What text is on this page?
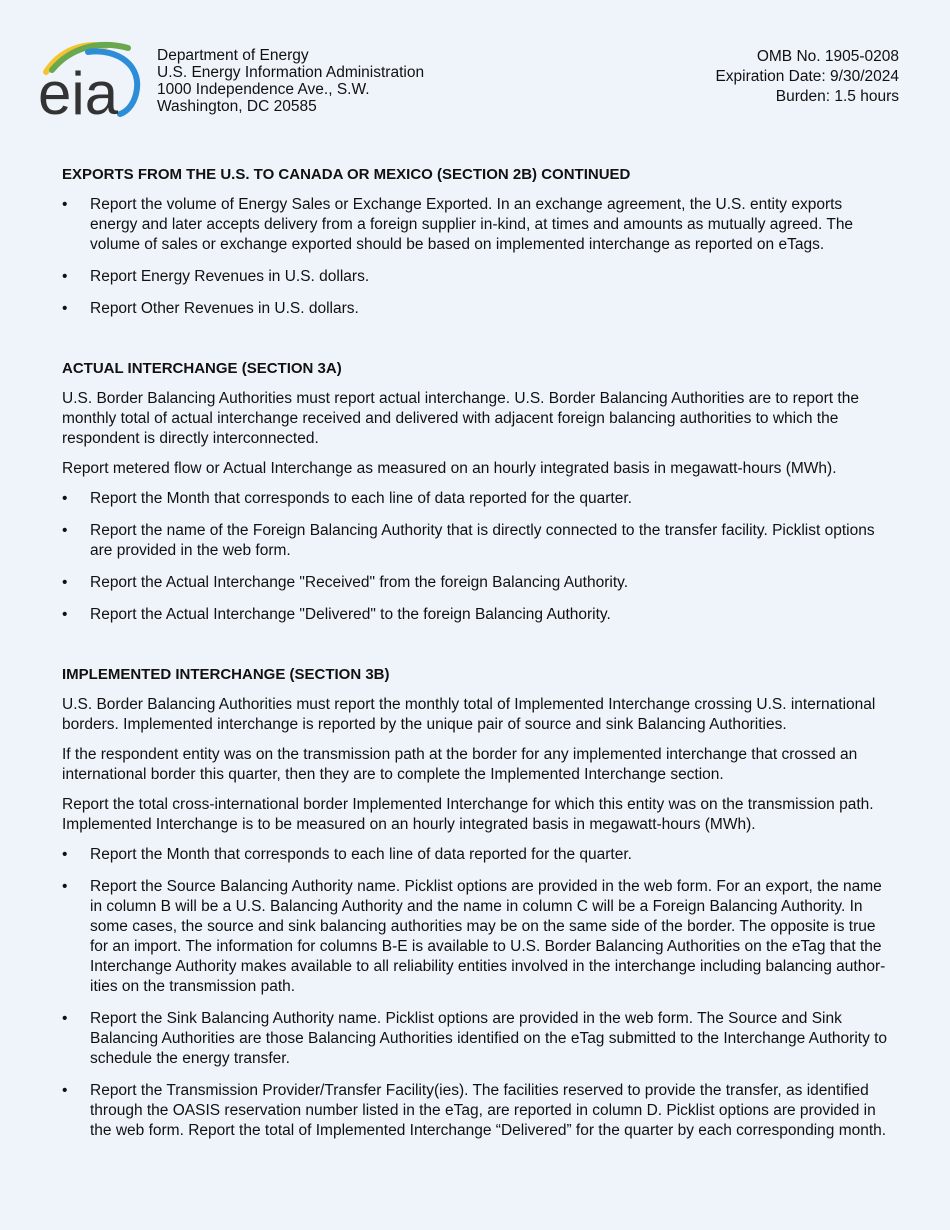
eia
Department of Energy
U.S. Energy Information Administration
1000 Independence Ave., S.W.
Washington, DC 20585
OMB No. 1905-0208
Expiration Date: 9/30/2024
Burden: 1.5 hours
EXPORTS FROM THE U.S. TO CANADA OR MEXICO (SECTION 2B) CONTINUED
• Report the volume of Energy Sales or Exchange Exported. In an exchange agreement, the U.S. entity exports energy and later accepts delivery from a foreign supplier in-kind, at times and amounts as mutually agreed. The volume of sales or exchange exported should be based on implemented interchange as reported on eTags.
• Report Energy Revenues in U.S. dollars.
• Report Other Revenues in U.S. dollars.
ACTUAL INTERCHANGE (SECTION 3A)

U.S. Border Balancing Authorities must report actual interchange. U.S. Border Balancing Authorities are to report the monthly total of actual interchange received and delivered with adjacent foreign balancing authorities to which the respondent is directly interconnected.

Report metered flow or Actual Interchange as measured on an hourly integrated basis in megawatt-hours (MWh).

• Report the Month that corresponds to each line of data reported for the quarter.
• Report the name of the Foreign Balancing Authority that is directly connected to the transfer facility. Picklist options are provided in the web form.
• Report the Actual Interchange "Received" from the foreign Balancing Authority.
• Report the Actual Interchange "Delivered" to the foreign Balancing Authority.
IMPLEMENTED INTERCHANGE (SECTION 3B)

U.S. Border Balancing Authorities must report the monthly total of Implemented Interchange crossing U.S. international borders. Implemented interchange is reported by the unique pair of source and sink Balancing Authorities.

If the respondent entity was on the transmission path at the border for any implemented interchange that crossed an international border this quarter, then they are to complete the Implemented Interchange section.

Report the total cross-international border Implemented Interchange for which this entity was on the transmission path. Implemented Interchange is to be measured on an hourly integrated basis in megawatt-hours (MWh).

• Report the Month that corresponds to each line of data reported for the quarter.
• Report the Source Balancing Authority name. Picklist options are provided in the web form. For an export, the name in column B will be a U.S. Balancing Authority and the name in column C will be a Foreign Balancing Authority. In some cases, the source and sink balancing authorities may be on the same side of the border. The opposite is true for an import. The information for columns B-E is available to U.S. Border Balancing Authorities on the eTag that the Interchange Authority makes available to all reliability entities involved in the interchange including balancing author-ities on the transmission path.
• Report the Sink Balancing Authority name. Picklist options are provided in the web form. The Source and Sink Balancing Authorities are those Balancing Authorities identified on the eTag submitted to the Interchange Authority to schedule the energy transfer.
• Report the Transmission Provider/Transfer Facility(ies). The facilities reserved to provide the transfer, as identified through the OASIS reservation number listed in the eTag, are reported in column D. Picklist options are provided in the web form. Report the total of Implemented Interchange “Delivered” for the quarter by each corresponding month.
